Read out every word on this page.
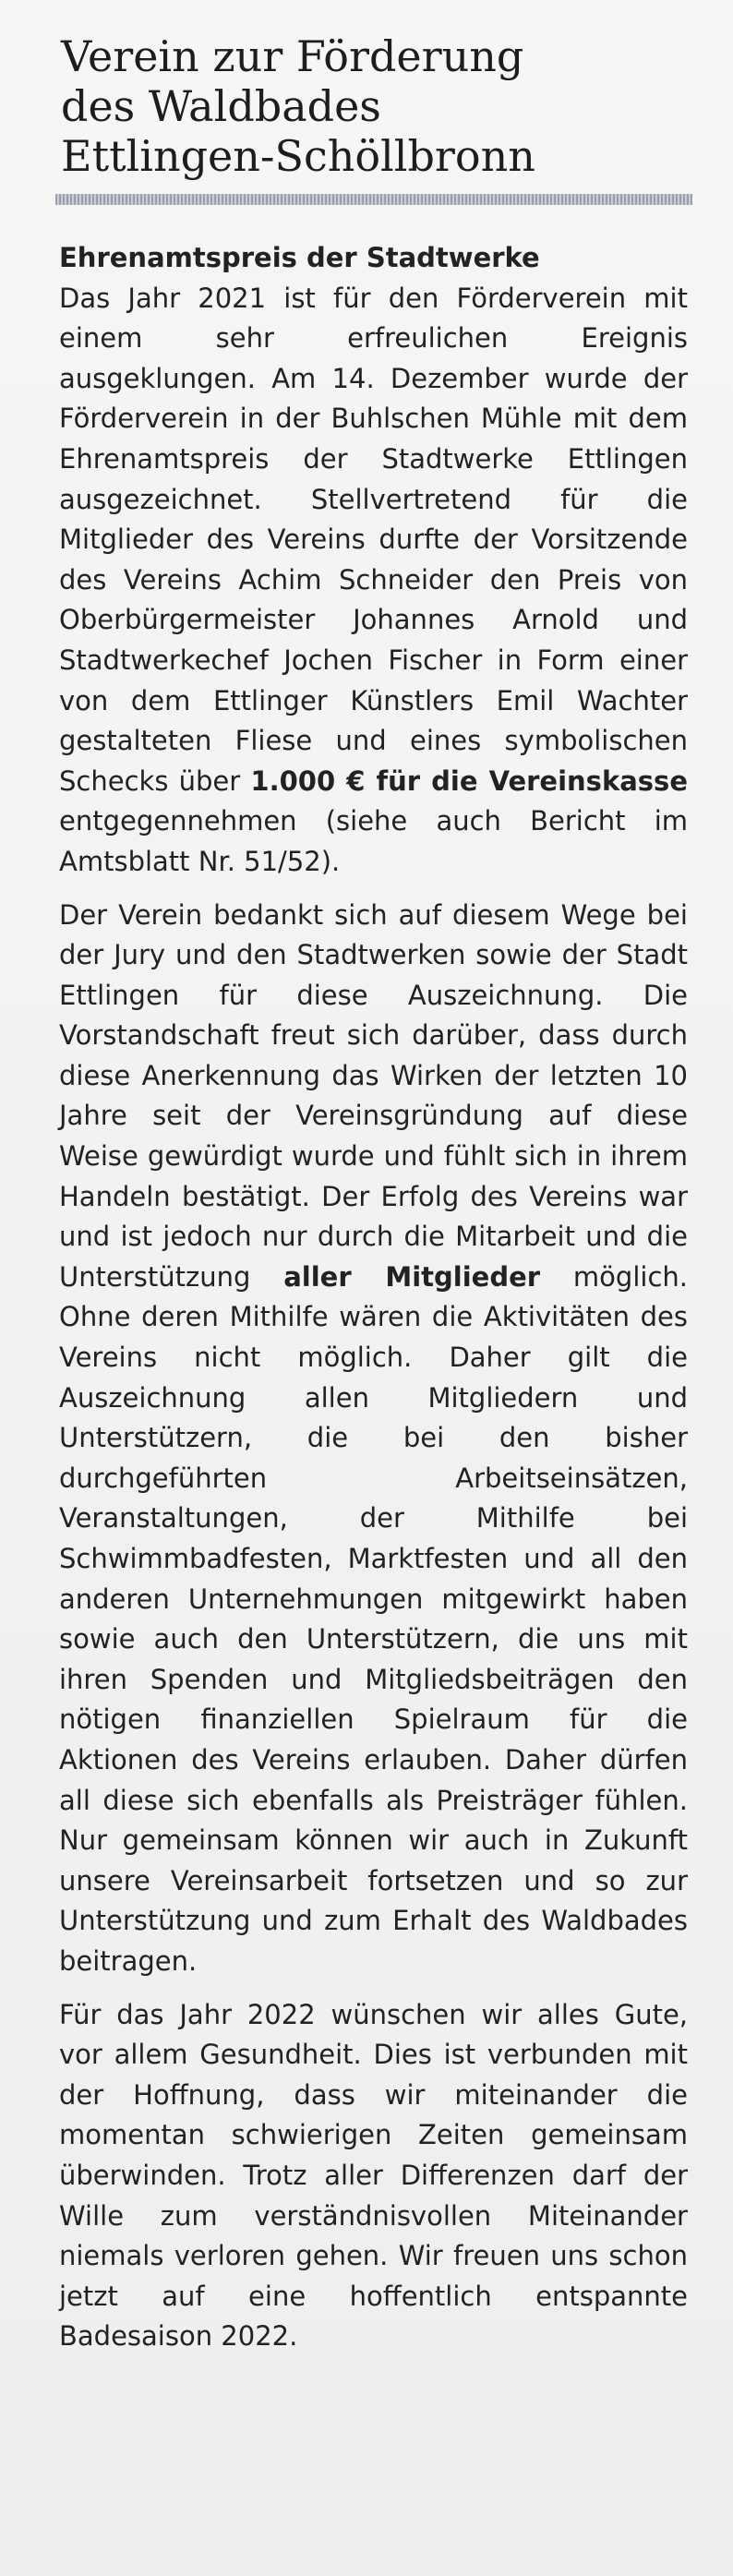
Verein zur Förderung
des Waldbades
Ettlingen-Schöllbronn
Ehrenamtspreis der Stadtwerke

Das Jahr 2021 ist für den Förderverein mit einem sehr erfreulichen Ereignis ausgeklungen. Am 14. Dezember wurde der Förderverein in der Buhlschen Mühle mit dem Ehrenamtspreis der Stadtwerke Ettlingen ausgezeichnet. Stellvertretend für die Mitglieder des Vereins durfte der Vorsitzende des Vereins Achim Schneider den Preis von Oberbürgermeister Johannes Arnold und Stadtwerkechef Jochen Fischer in Form einer von dem Ettlinger Künstlers Emil Wachter gestalteten Fliese und eines symbolischen Schecks über 1.000 € für die Vereinskasse entgegennehmen (siehe auch Bericht im Amtsblatt Nr. 51/52).

Der Verein bedankt sich auf diesem Wege bei der Jury und den Stadtwerken sowie der Stadt Ettlingen für diese Auszeichnung. Die Vorstandschaft freut sich darüber, dass durch diese Anerkennung das Wirken der letzten 10 Jahre seit der Vereinsgründung auf diese Weise gewürdigt wurde und fühlt sich in ihrem Handeln bestätigt. Der Erfolg des Vereins war und ist jedoch nur durch die Mitarbeit und die Unterstützung aller Mitglieder möglich. Ohne deren Mithilfe wären die Aktivitäten des Vereins nicht möglich. Daher gilt die Auszeichnung allen Mitgliedern und Unterstützern, die bei den bisher durchgeführten Arbeitseinsätzen, Veranstaltungen, der Mithilfe bei Schwimmbadfesten, Marktfesten und all den anderen Unternehmungen mitgewirkt haben sowie auch den Unterstützern, die uns mit ihren Spenden und Mitgliedsbeiträgen den nötigen finanziellen Spielraum für die Aktionen des Vereins erlauben. Daher dürfen all diese sich ebenfalls als Preisträger fühlen. Nur gemeinsam können wir auch in Zukunft unsere Vereinsarbeit fortsetzen und so zur Unterstützung und zum Erhalt des Waldbades beitragen.

Für das Jahr 2022 wünschen wir alles Gute, vor allem Gesundheit. Dies ist verbunden mit der Hoffnung, dass wir miteinander die momentan schwierigen Zeiten gemeinsam überwinden. Trotz aller Differenzen darf der Wille zum verständnisvollen Miteinander niemals verloren gehen. Wir freuen uns schon jetzt auf eine hoffentlich entspannte Badesaison 2022.
